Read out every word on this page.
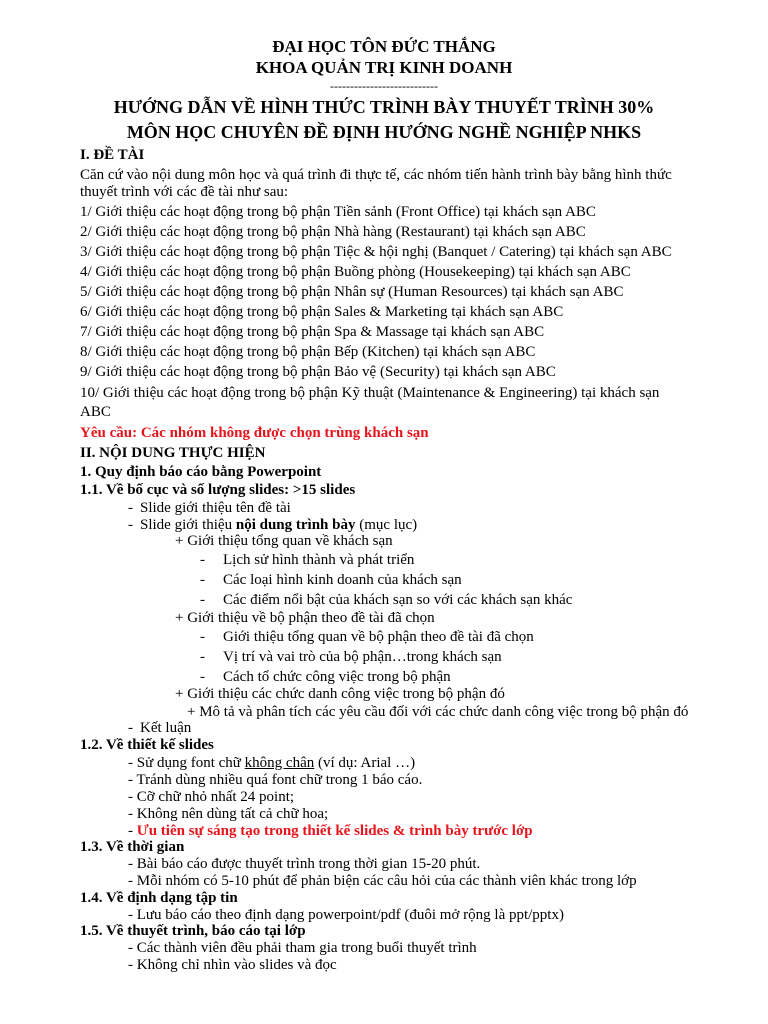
ĐẠI HỌC TÔN ĐỨC THẮNG
KHOA QUẢN TRỊ KINH DOANH
---------------------------
HƯỚNG DẪN VỀ HÌNH THỨC TRÌNH BÀY THUYẾT TRÌNH 30%
MÔN HỌC CHUYÊN ĐỀ ĐỊNH HƯỚNG NGHỀ NGHIỆP NHKS
I. ĐỀ TÀI
Căn cứ vào nội dung môn học và quá trình đi thực tế, các nhóm tiến hành trình bày bằng hình thức
thuyết trình với các đề tài như sau:
1/ Giới thiệu các hoạt động trong bộ phận Tiền sảnh (Front Office) tại khách sạn ABC
2/ Giới thiệu các hoạt động trong bộ phận Nhà hàng (Restaurant) tại khách sạn ABC
3/ Giới thiệu các hoạt động trong bộ phận Tiệc & hội nghị (Banquet / Catering) tại khách sạn ABC
4/ Giới thiệu các hoạt động trong bộ phận Buồng phòng (Housekeeping) tại khách sạn ABC
5/ Giới thiệu các hoạt động trong bộ phận Nhân sự (Human Resources) tại khách sạn ABC
6/ Giới thiệu các hoạt động trong bộ phận Sales & Marketing tại khách sạn ABC
7/ Giới thiệu các hoạt động trong bộ phận Spa & Massage tại khách sạn ABC
8/ Giới thiệu các hoạt động trong bộ phận Bếp (Kitchen) tại khách sạn ABC
9/ Giới thiệu các hoạt động trong bộ phận Bảo vệ (Security) tại khách sạn ABC
10/ Giới thiệu các hoạt động trong bộ phận Kỹ thuật (Maintenance & Engineering) tại khách sạn
ABC
Yêu cầu: Các nhóm không được chọn trùng khách sạn
II. NỘI DUNG THỰC HIỆN
1. Quy định báo cáo bằng Powerpoint
1.1. Về bố cục và số lượng slides: >15 slides
- Slide giới thiệu tên đề tài
- Slide giới thiệu nội dung trình bày (mục lục)
+ Giới thiệu tổng quan về khách sạn
- Lịch sử hình thành và phát triển
- Các loại hình kinh doanh của khách sạn
- Các điểm nổi bật của khách sạn so với các khách sạn khác
+ Giới thiệu về bộ phận theo đề tài đã chọn
- Giới thiệu tổng quan về bộ phận theo đề tài đã chọn
- Vị trí và vai trò của bộ phận…trong khách sạn
- Cách tổ chức công việc trong bộ phận
+ Giới thiệu các chức danh công việc trong bộ phận đó
+ Mô tả và phân tích các yêu cầu đối với các chức danh công việc trong bộ phận đó
- Kết luận
1.2. Về thiết kế slides
- Sử dụng font chữ không chân (ví dụ: Arial …)
- Tránh dùng nhiều quá font chữ trong 1 báo cáo.
- Cỡ chữ nhỏ nhất 24 point;
- Không nên dùng tất cả chữ hoa;
- Ưu tiên sự sáng tạo trong thiết kế slides & trình bày trước lớp
1.3. Về thời gian
- Bài báo cáo được thuyết trình trong thời gian 15-20 phút.
- Mỗi nhóm có 5-10 phút để phản biện các câu hỏi của các thành viên khác trong lớp
1.4. Về định dạng tập tin
- Lưu báo cáo theo định dạng powerpoint/pdf (đuôi mở rộng là ppt/pptx)
1.5. Về thuyết trình, báo cáo tại lớp
- Các thành viên đều phải tham gia trong buổi thuyết trình
- Không chỉ nhìn vào slides và đọc
